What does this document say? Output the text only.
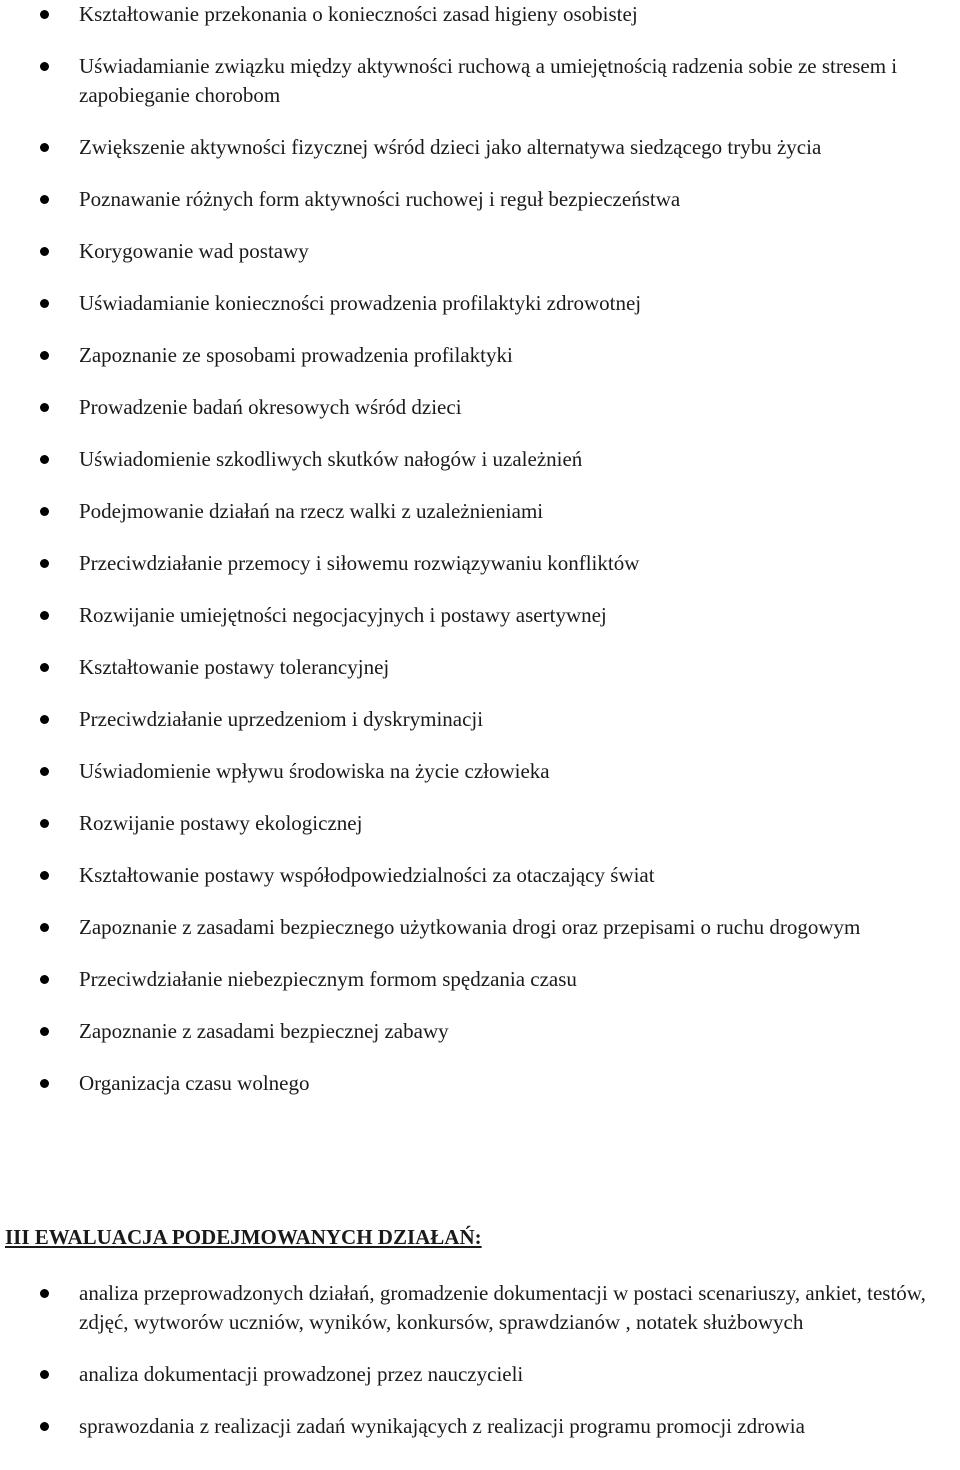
Kształtowanie przekonania o konieczności zasad higieny osobistej
Uświadamianie związku między aktywności ruchową a umiejętnością radzenia sobie ze stresem i zapobieganie chorobom
Zwiększenie aktywności fizycznej wśród dzieci jako alternatywa siedzącego trybu życia
Poznawanie różnych form aktywności ruchowej i reguł bezpieczeństwa
Korygowanie wad postawy
Uświadamianie konieczności prowadzenia profilaktyki zdrowotnej
Zapoznanie ze sposobami prowadzenia profilaktyki
Prowadzenie badań okresowych wśród dzieci
Uświadomienie szkodliwych skutków nałogów i uzależnień
Podejmowanie działań na rzecz walki z uzależnieniami
Przeciwdziałanie przemocy i siłowemu rozwiązywaniu konfliktów
Rozwijanie umiejętności negocjacyjnych i postawy asertywnej
Kształtowanie postawy tolerancyjnej
Przeciwdziałanie uprzedzeniom i dyskryminacji
Uświadomienie wpływu środowiska na życie człowieka
Rozwijanie postawy ekologicznej
Kształtowanie postawy współodpowiedzialności za otaczający świat
Zapoznanie z zasadami bezpiecznego użytkowania drogi oraz przepisami o ruchu drogowym
Przeciwdziałanie niebezpiecznym formom spędzania czasu
Zapoznanie z zasadami bezpiecznej zabawy
Organizacja czasu wolnego
III EWALUACJA PODEJMOWANYCH DZIAŁAŃ:
analiza przeprowadzonych działań, gromadzenie dokumentacji w postaci scenariuszy, ankiet, testów, zdjęć, wytworów uczniów, wyników, konkursów, sprawdzianów , notatek służbowych
analiza dokumentacji prowadzonej przez nauczycieli
sprawozdania z realizacji zadań wynikających z realizacji programu promocji zdrowia
